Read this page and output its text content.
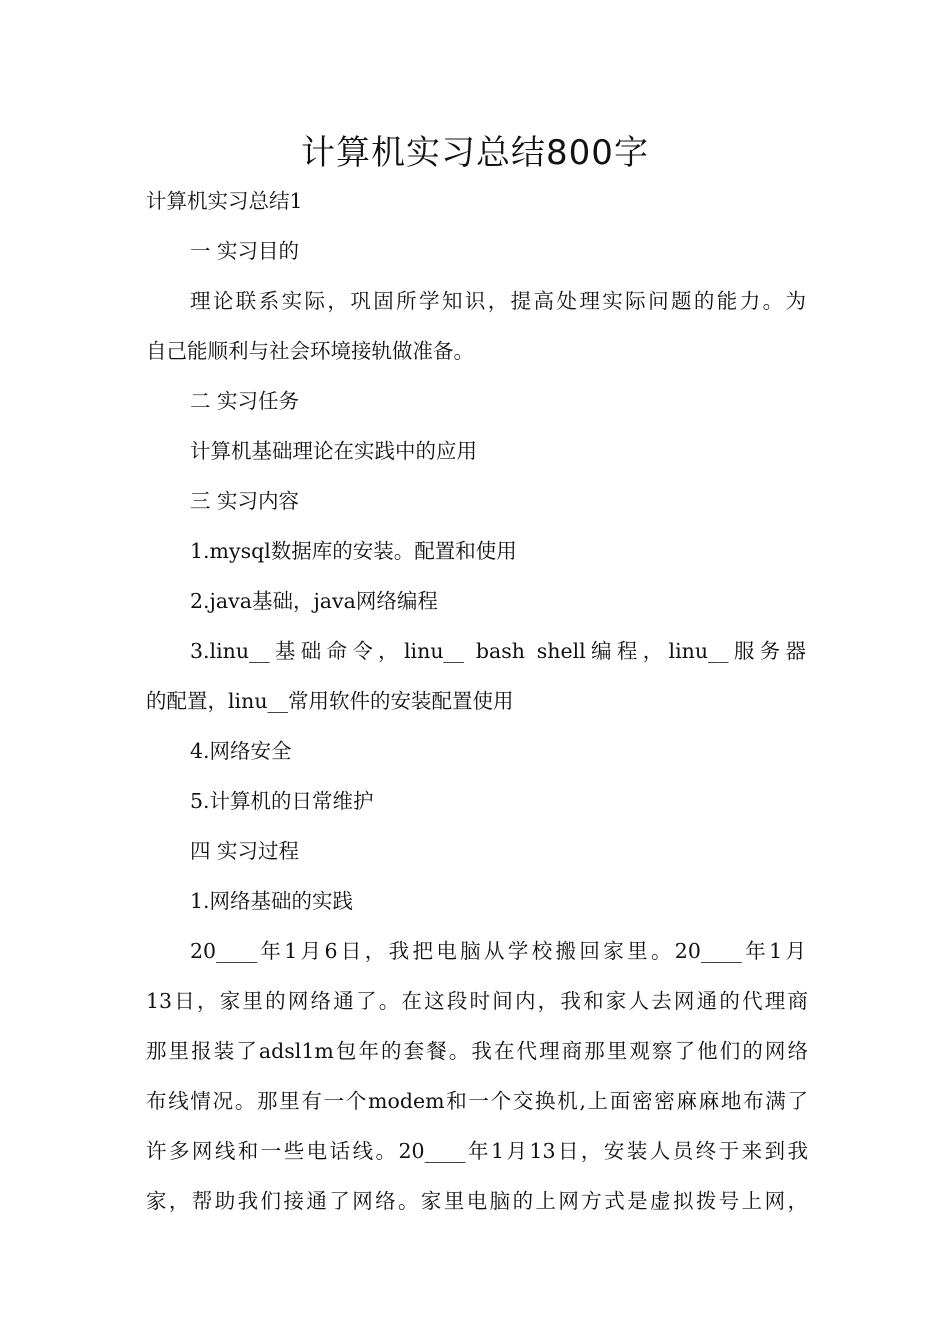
计算机实习总结800字

计算机实习总结1

一 实习目的

理论联系实际，巩固所学知识，提高处理实际问题的能力。为

自己能顺利与社会环境接轨做准备。

二 实习任务

计算机基础理论在实践中的应用

三 实习内容

1.mysql数据库的安装。配置和使用

2.java基础，java网络编程

3.linu__基础命令，linu__ bash shell编程，linu__服务器

的配置，linu__常用软件的安装配置使用

4.网络安全

5.计算机的日常维护

四 实习过程

1.网络基础的实践

20____年1月6日，我把电脑从学校搬回家里。20____年1月

13日，家里的网络通了。在这段时间内，我和家人去网通的代理商

那里报装了adsl1m包年的套餐。我在代理商那里观察了他们的网络

布线情况。那里有一个modem和一个交换机,上面密密麻麻地布满了

许多网线和一些电话线。20____年1月13日，安装人员终于来到我

家，帮助我们接通了网络。家里电脑的上网方式是虚拟拨号上网，
